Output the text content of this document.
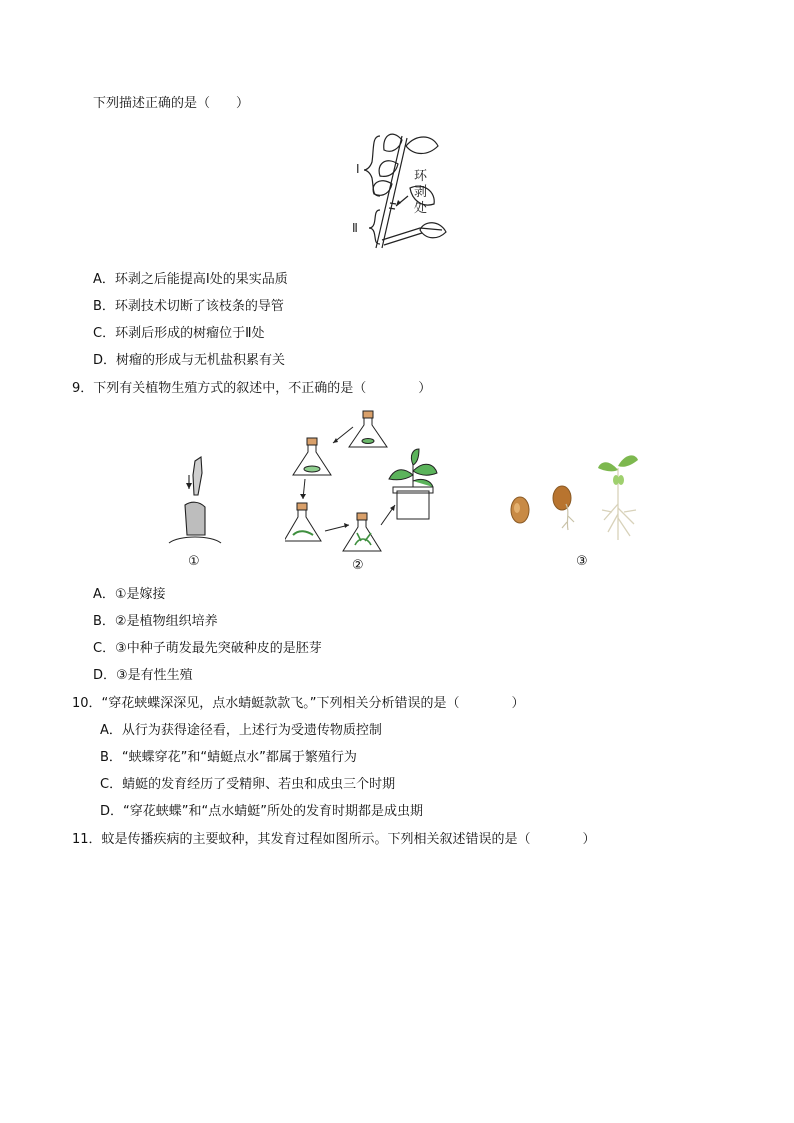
下列描述正确的是（　　）
Ⅰ
Ⅱ
环
剥
处
A．环剥之后能提高Ⅰ处的果实品质
B．环剥技术切断了该枝条的导管
C．环剥后形成的树瘤位于Ⅱ处
D．树瘤的形成与无机盐积累有关
9．下列有关植物生殖方式的叙述中，不正确的是（　　　　）
①	②	③
A．①是嫁接
B．②是植物组织培养
C．③中种子萌发最先突破种皮的是胚芽
D．③是有性生殖
10．“穿花蛱蝶深深见，点水蜻蜓款款飞。”下列相关分析错误的是（　　　　）
A．从行为获得途径看，上述行为受遗传物质控制
B．“蛱蝶穿花”和“蜻蜓点水”都属于繁殖行为
C．蜻蜓的发育经历了受精卵、若虫和成虫三个时期
D．“穿花蛱蝶”和“点水蜻蜓”所处的发育时期都是成虫期
11．蚊是传播疾病的主要蚊种，其发育过程如图所示。下列相关叙述错误的是（　　　　）
